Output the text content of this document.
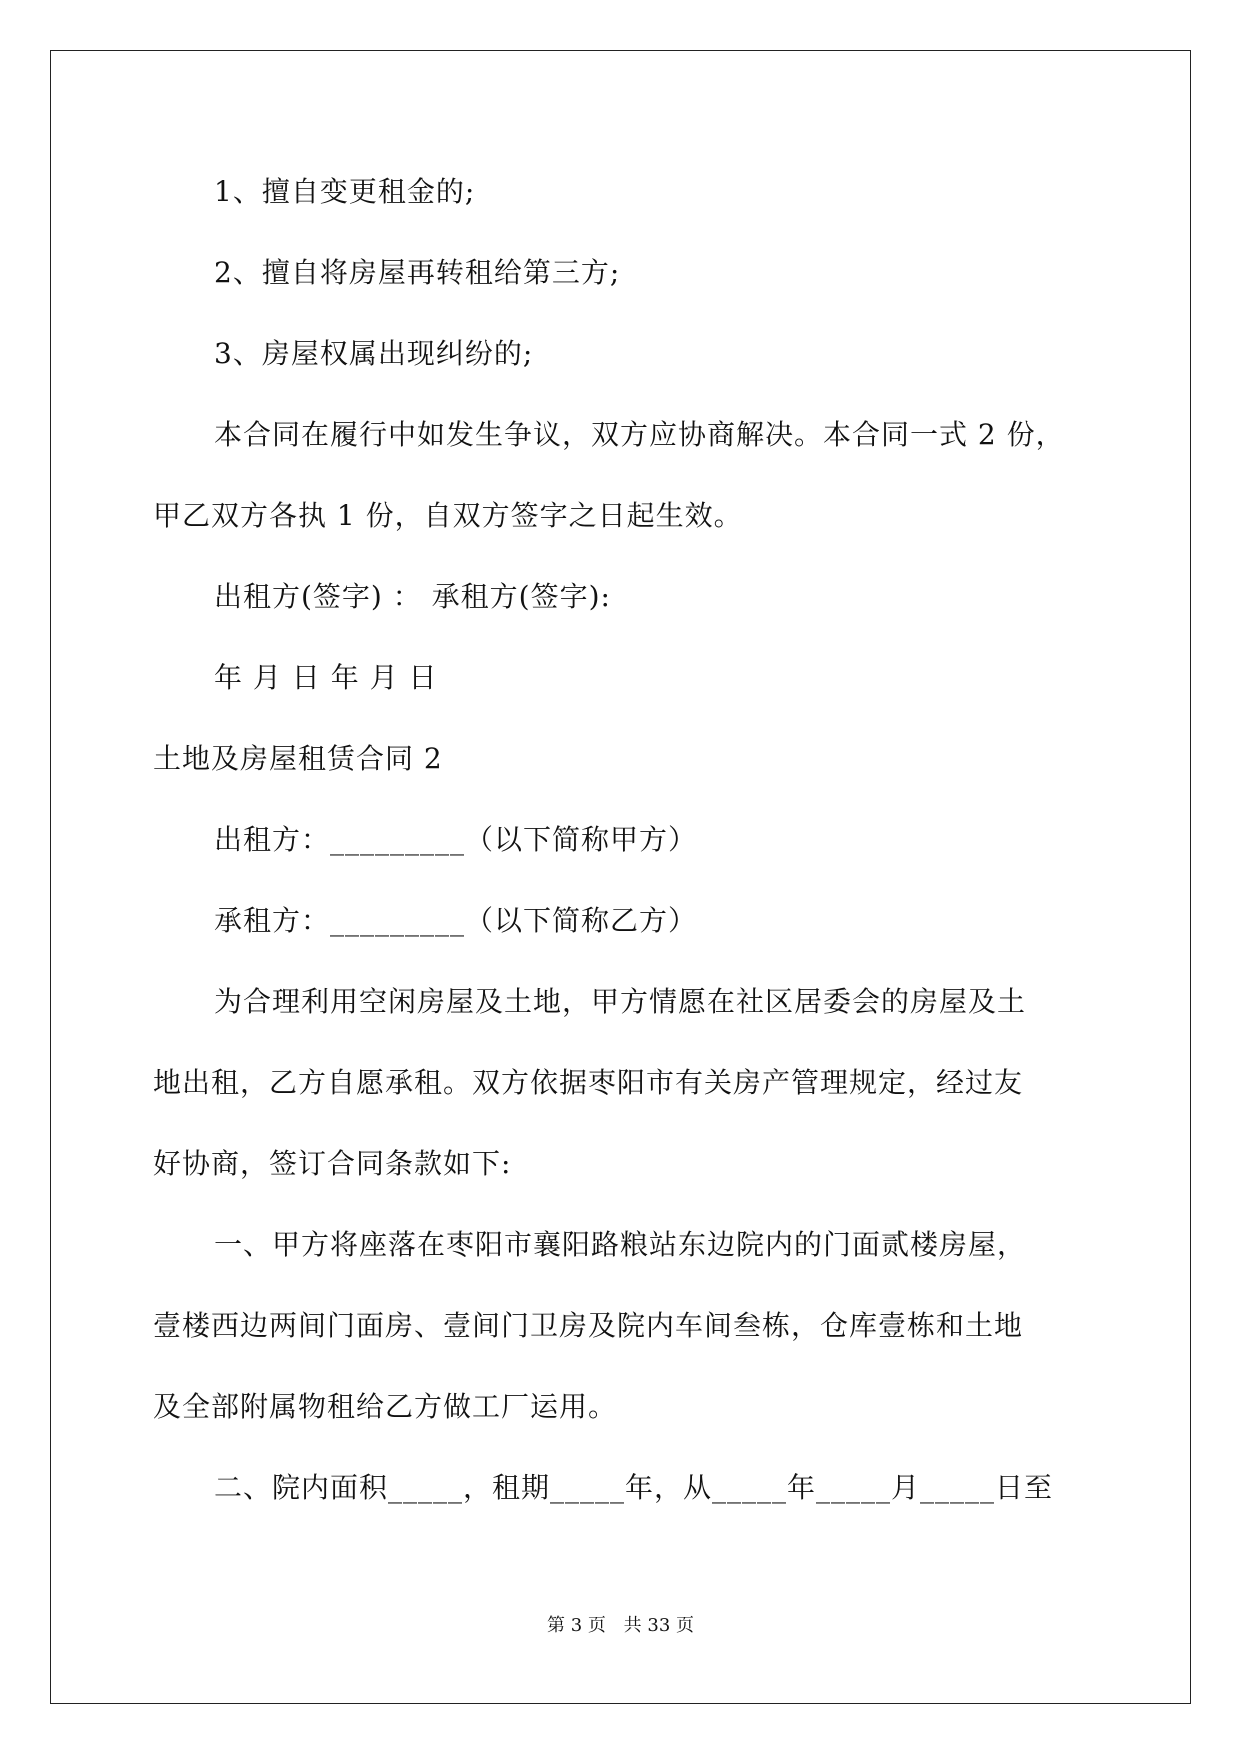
1、擅自变更租金的;
2、擅自将房屋再转租给第三方;
3、房屋权属出现纠纷的;
本合同在履行中如发生争议，双方应协商解决。本合同一式 2 份，
甲乙双方各执 1 份，自双方签字之日起生效。
出租方(签字) ： 承租方(签字):
年 月 日 年 月 日
土地及房屋租赁合同 2
出租方：_________（以下简称甲方）
承租方：_________（以下简称乙方）
为合理利用空闲房屋及土地，甲方情愿在社区居委会的房屋及土
地出租，乙方自愿承租。双方依据枣阳市有关房产管理规定，经过友
好协商，签订合同条款如下:
一、甲方将座落在枣阳市襄阳路粮站东边院内的门面贰楼房屋，
壹楼西边两间门面房、壹间门卫房及院内车间叁栋，仓库壹栋和土地
及全部附属物租给乙方做工厂运用。
二、院内面积_____，租期_____年，从_____年_____月_____日至
第 3 页 共 33 页
